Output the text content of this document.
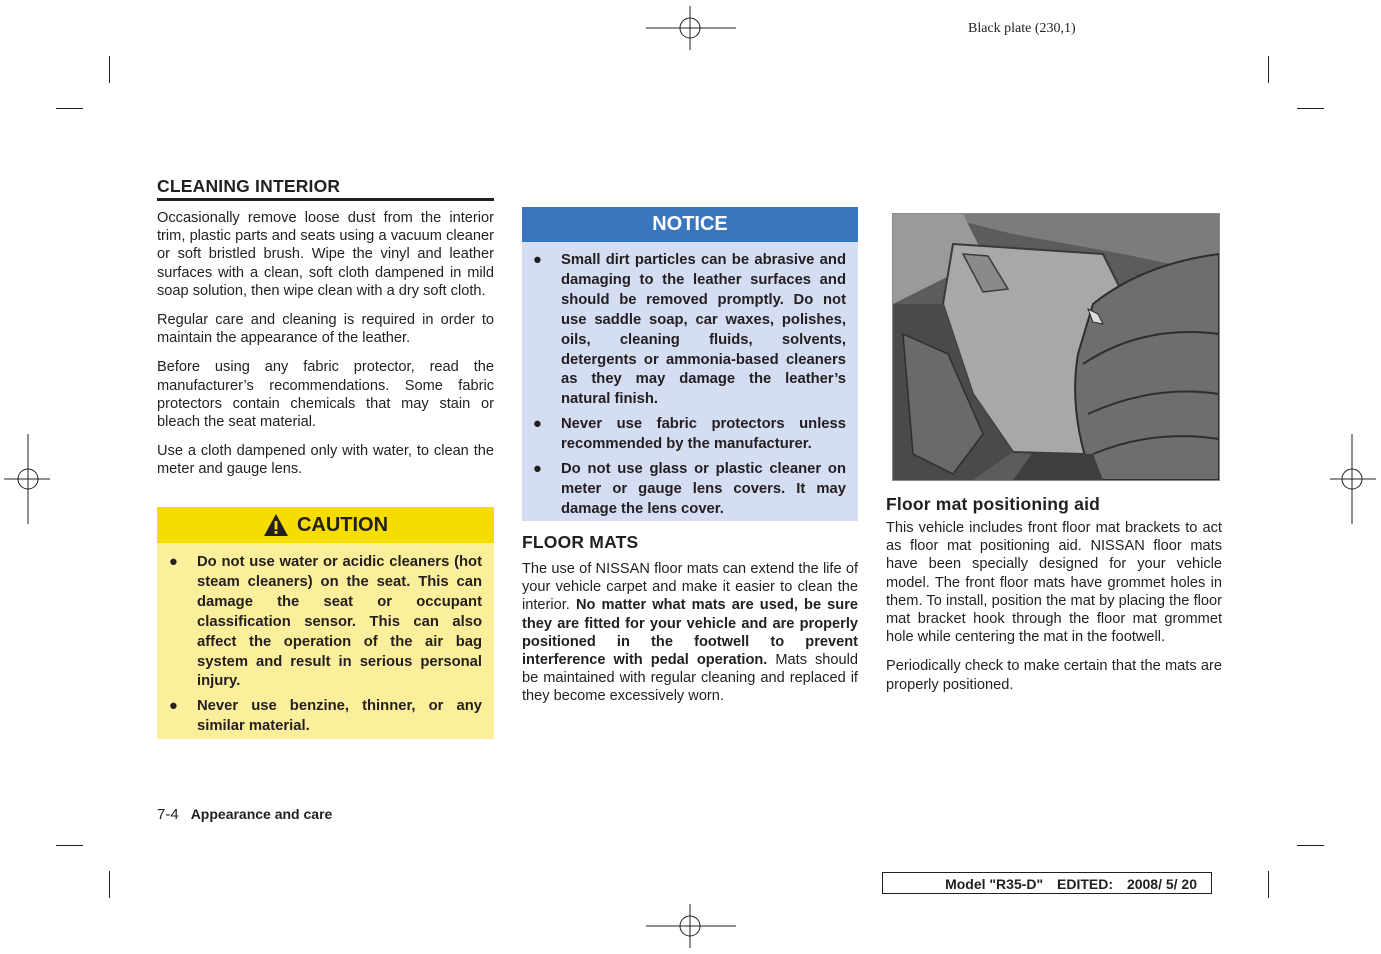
Black plate (230,1)
CLEANING INTERIOR

Occasionally remove loose dust from the interior trim, plastic parts and seats using a vacuum cleaner or soft bristled brush. Wipe the vinyl and leather surfaces with a clean, soft cloth dampened in mild soap solution, then wipe clean with a dry soft cloth.

Regular care and cleaning is required in order to maintain the appearance of the leather.

Before using any fabric protector, read the manufacturer’s recommendations. Some fabric protectors contain chemicals that may stain or bleach the seat material.

Use a cloth dampened only with water, to clean the meter and gauge lens.

CAUTION
● Do not use water or acidic cleaners (hot steam cleaners) on the seat. This can damage the seat or occupant classification sensor. This can also affect the operation of the air bag system and result in serious personal injury.
● Never use benzine, thinner, or any similar material.
NOTICE
● Small dirt particles can be abrasive and damaging to the leather surfaces and should be removed promptly. Do not use saddle soap, car waxes, polishes, oils, cleaning fluids, solvents, detergents or ammonia-based cleaners as they may damage the leather’s natural finish.
● Never use fabric protectors unless recommended by the manufacturer.
● Do not use glass or plastic cleaner on meter or gauge lens covers. It may damage the lens cover.
FLOOR MATS

The use of NISSAN floor mats can extend the life of your vehicle carpet and make it easier to clean the interior. No matter what mats are used, be sure they are fitted for your vehicle and are properly positioned in the footwell to prevent interference with pedal operation. Mats should be maintained with regular cleaning and replaced if they become excessively worn.

Floor mat positioning aid

This vehicle includes front floor mat brackets to act as floor mat positioning aid. NISSAN floor mats have been specially designed for your vehicle model. The front floor mats have grommet holes in them. To install, position the mat by placing the floor mat bracket hook through the floor mat grommet hole while centering the mat in the footwell.

Periodically check to make certain that the mats are properly positioned.

7-4 Appearance and care
Model "R35-D" EDITED: 2008/ 5/ 20
